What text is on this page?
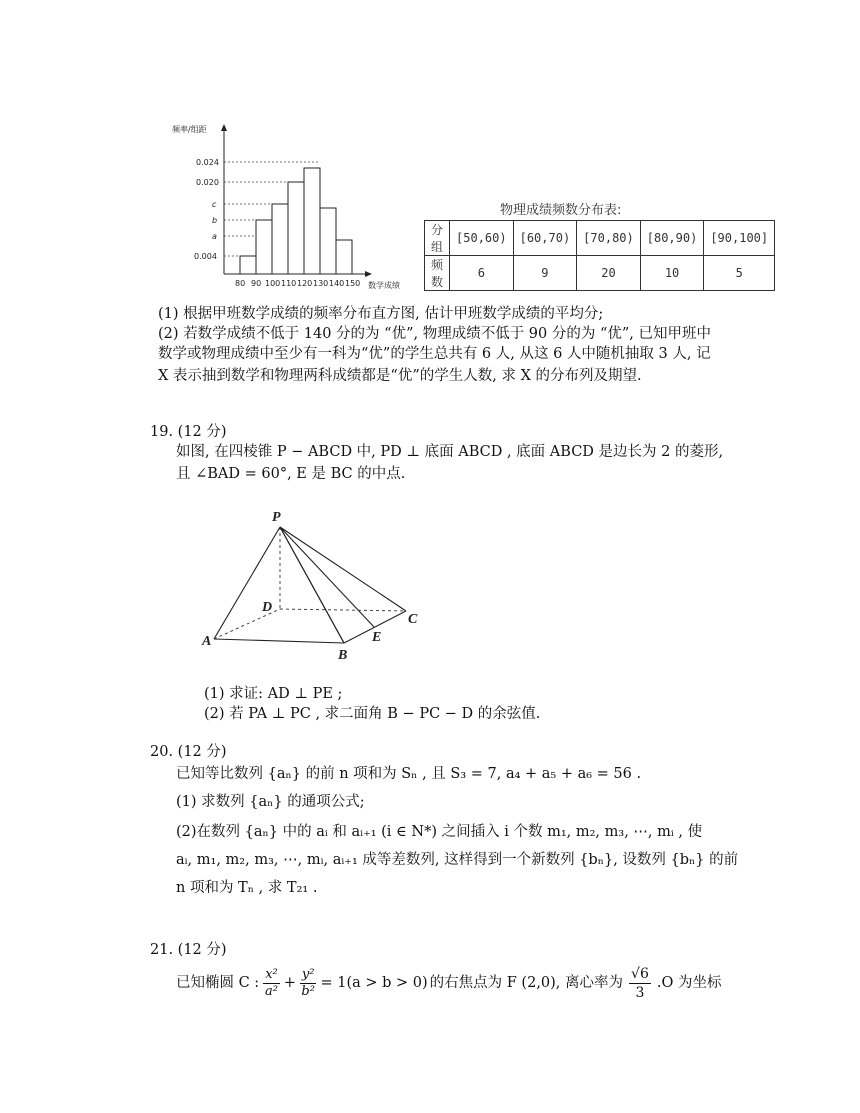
频率/组距
0.024
0.020
c
b
a
0.004
80 90 100 110 120 130 140 150 数学成绩
物理成绩频数分布表:
分组	[50,60)	[60,70)	[70,80)	[80,90)	[90,100]
频数	6	9	20	10	5
(1) 根据甲班数学成绩的频率分布直方图, 估计甲班数学成绩的平均分;
(2) 若数学成绩不低于 140 分的为 “优”, 物理成绩不低于 90 分的为 “优”, 已知甲班中
数学或物理成绩中至少有一科为“优”的学生总共有 6 人, 从这 6 人中随机抽取 3 人, 记
X 表示抽到数学和物理两科成绩都是“优”的学生人数, 求 X 的分布列及期望.
19. (12 分)
如图, 在四棱锥 P − ABCD 中, PD ⊥ 底面 ABCD , 底面 ABCD 是边长为 2 的菱形,
且 ∠BAD = 60°, E 是 BC 的中点.
P
D
A
B
E
C
(1) 求证: AD ⊥ PE ;
(2) 若 PA ⊥ PC , 求二面角 B − PC − D 的余弦值.
20. (12 分)
已知等比数列 {aₙ} 的前 n 项和为 Sₙ , 且 S₃ = 7, a₄ + a₅ + a₆ = 56 .
(1) 求数列 {aₙ} 的通项公式;
(2)在数列 {aₙ} 中的 aᵢ 和 aᵢ₊₁ (i ∈ N*) 之间插入 i 个数 m₁, m₂, m₃, ⋯, mᵢ , 使
aᵢ, m₁, m₂, m₃, ⋯, mᵢ, aᵢ₊₁ 成等差数列, 这样得到一个新数列 {bₙ}, 设数列 {bₙ} 的前
n 项和为 Tₙ , 求 T₂₁ .
21. (12 分)
已知椭圆 C : $\frac{\text{x²}}{\text{a²}} + \frac{\text{y²}}{\text{b²}} = 1(a > b > 0)$ 的右焦点为 F (2,0), 离心率为 $\frac{√6}{3} .O$ 为坐标
